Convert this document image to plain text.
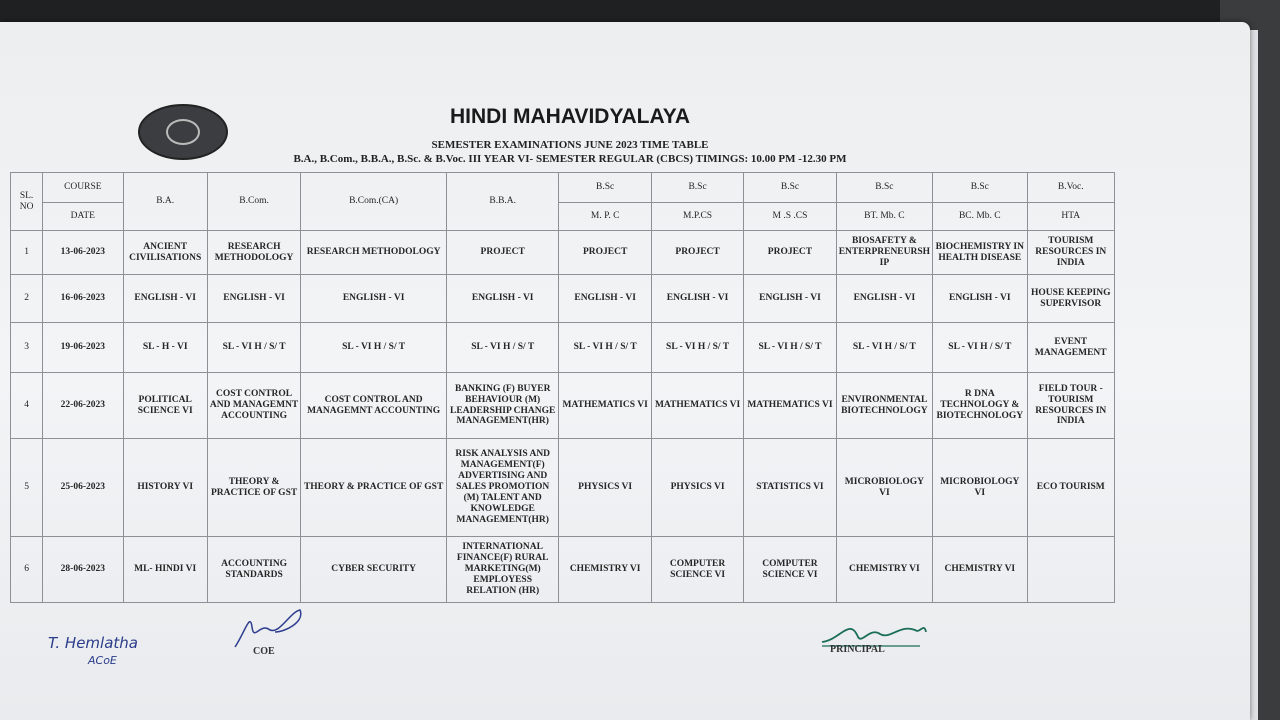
HINDI MAHAVIDYALAYA
SEMESTER EXAMINATIONS JUNE 2023 TIME TABLE
B.A., B.Com., B.B.A., B.Sc. & B.Voc. III YEAR VI- SEMESTER REGULAR (CBCS) TIMINGS: 10.00 PM -12.30 PM
SL. NO	COURSE	B.A.	B.Com.	B.Com.(CA)	B.B.A.	B.Sc	B.Sc	B.Sc	B.Sc	B.Sc	B.Voc.
	DATE					M. P. C	M.P.CS	M .S .CS	BT. Mb. C	BC. Mb. C	HTA
1	13-06-2023	ANCIENT CIVILISATIONS	RESEARCH METHODOLOGY	RESEARCH METHODOLOGY	PROJECT	PROJECT	PROJECT	PROJECT	BIOSAFETY & ENTERPRENEURSH IP	BIOCHEMISTRY IN HEALTH DISEASE	TOURISM RESOURCES IN INDIA
2	16-06-2023	ENGLISH - VI	ENGLISH - VI	ENGLISH - VI	ENGLISH - VI	ENGLISH - VI	ENGLISH - VI	ENGLISH - VI	ENGLISH - VI	ENGLISH - VI	HOUSE KEEPING SUPERVISOR
3	19-06-2023	SL - H - VI	SL - VI H / S/ T	SL - VI H / S/ T	SL - VI H / S/ T	SL - VI H / S/ T	SL - VI H / S/ T	SL - VI H / S/ T	SL - VI H / S/ T	SL - VI H / S/ T	EVENT MANAGEMENT
4	22-06-2023	POLITICAL SCIENCE VI	COST CONTROL AND MANAGEMNT ACCOUNTING	COST CONTROL AND MANAGEMNT ACCOUNTING	BANKING (F) BUYER BEHAVIOUR (M) LEADERSHIP CHANGE MANAGEMENT(HR)	MATHEMATICS VI	MATHEMATICS VI	MATHEMATICS VI	ENVIRONMENTAL BIOTECHNOLOGY	R DNA TECHNOLOGY & BIOTECHNOLOGY	FIELD TOUR - TOURISM RESOURCES IN INDIA
5	25-06-2023	HISTORY VI	THEORY & PRACTICE OF GST	THEORY & PRACTICE OF GST	RISK ANALYSIS AND MANAGEMENT(F) ADVERTISING AND SALES PROMOTION (M) TALENT AND KNOWLEDGE MANAGEMENT(HR)	PHYSICS VI	PHYSICS VI	STATISTICS VI	MICROBIOLOGY VI	MICROBIOLOGY VI	ECO TOURISM
6	28-06-2023	ML- HINDI VI	ACCOUNTING STANDARDS	CYBER SECURITY	INTERNATIONAL FINANCE(F) RURAL MARKETING(M) EMPLOYESS RELATION (HR)	CHEMISTRY VI	COMPUTER SCIENCE VI	COMPUTER SCIENCE VI	CHEMISTRY VI	CHEMISTRY VI	
T. Hemlatha
ACoE
COE	PRINCIPAL
